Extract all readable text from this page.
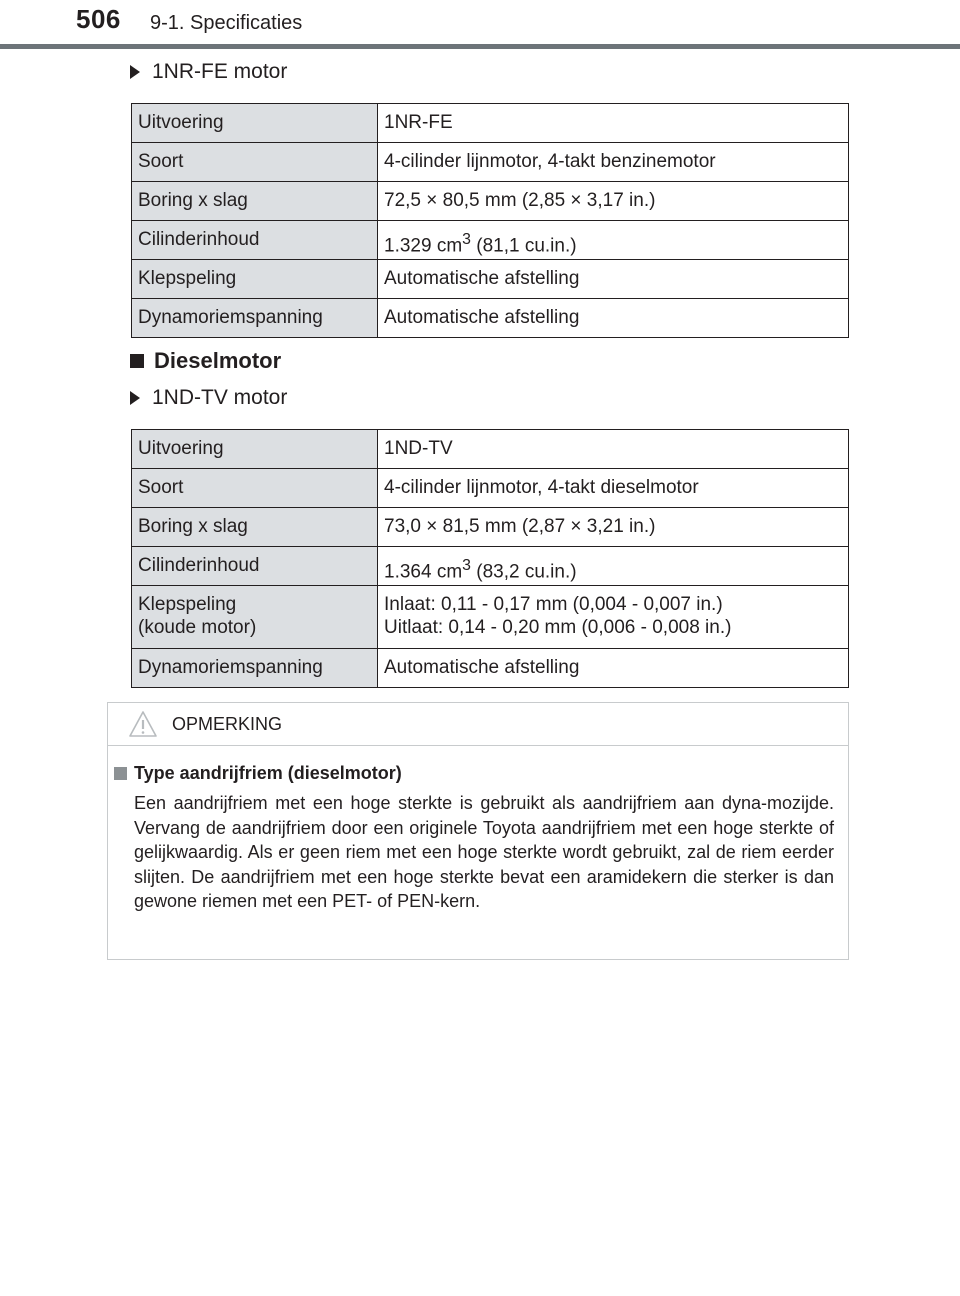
506 9-1. Specificaties
1NR-FE motor
Uitvoering	1NR-FE
Soort	4-cilinder lijnmotor, 4-takt benzinemotor
Boring x slag	72,5 × 80,5 mm (2,85 × 3,17 in.)
Cilinderinhoud	1.329 $cm^3$ (81,1 cu.in.)
Klepspeling	Automatische afstelling
Dynamoriemspanning	Automatische afstelling
Dieselmotor
1ND-TV motor
Uitvoering	1ND-TV
Soort	4-cilinder lijnmotor, 4-takt dieselmotor
Boring x slag	73,0 × 81,5 mm (2,87 × 3,21 in.)
Cilinderinhoud	1.364 $cm^3$ (83,2 cu.in.)

Klepspeling
(koude motor)	Inlaat: 0,11 - 0,17 mm (0,004 - 0,007 in.)
Uitlaat: 0,14 - 0,20 mm (0,006 - 0,008 in.)

Dynamoriemspanning	Automatische afstelling
OPMERKING
Type aandrijfriem (dieselmotor)
Een aandrijfriem met een hoge sterkte is gebruikt als aandrijfriem aan dyna-mozijde. Vervang de aandrijfriem door een originele Toyota aandrijfriem met een hoge sterkte of gelijkwaardig. Als er geen riem met een hoge sterkte wordt gebruikt, zal de riem eerder slijten. De aandrijfriem met een hoge sterkte bevat een aramidekern die sterker is dan gewone riemen met een PET- of PEN-kern.
